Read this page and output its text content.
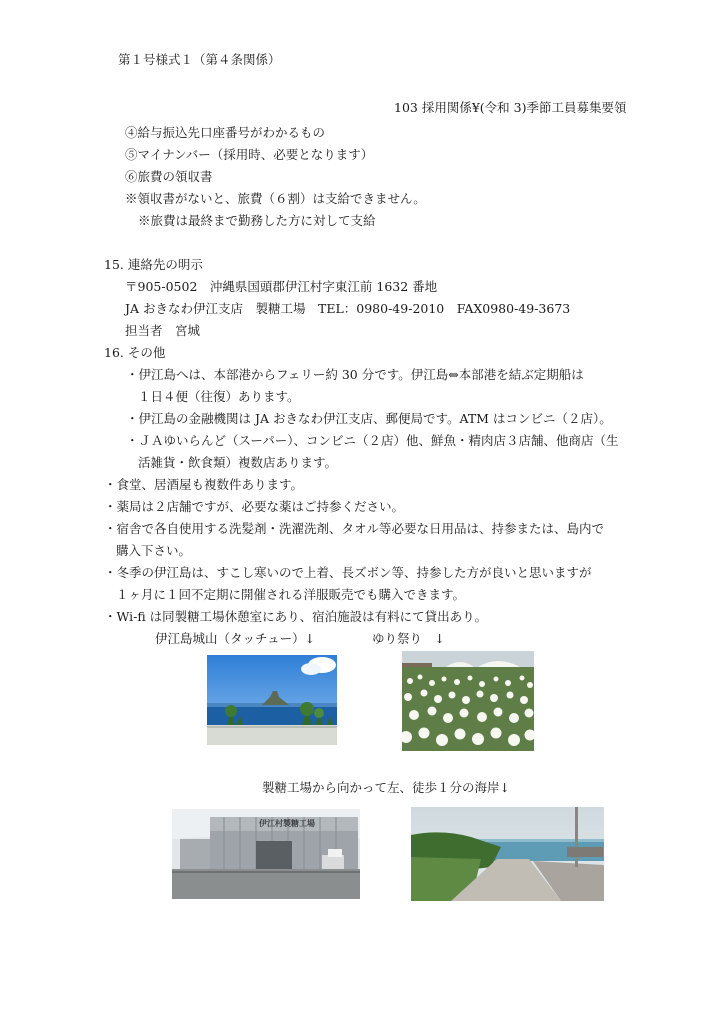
第１号様式１（第４条関係）
103 採用関係¥(令和 3)季節工員募集要領
④給与振込先口座番号がわかるもの
⑤マイナンバー（採用時、必要となります）
⑥旅費の領収書
※領収書がないと、旅費（６割）は支給できません。
※旅費は最終まで勤務した方に対して支給
15. 連絡先の明示
〒905-0502　沖縄県国頭郡伊江村字東江前 1632 番地
JA おきなわ伊江支店　製糖工場　TEL：0980-49-2010　FAX0980-49-3673
担当者　宮城
16. その他
・伊江島へは、本部港からフェリー約 30 分です。伊江島⇔本部港を結ぶ定期船は
１日４便（往復）あります。
・伊江島の金融機関は JA おきなわ伊江支店、郵便局です。ATM はコンビニ（２店）。
・ＪＡゆいらんど（スーパー）、コンビニ（２店）他、鮮魚・精肉店３店舗、他商店（生
活雑貨・飲食類）複数店あります。
・食堂、居酒屋も複数件あります。
・薬局は２店舗ですが、必要な薬はご持参ください。
・宿舎で各自使用する洗髪剤・洗濯洗剤、タオル等必要な日用品は、持参または、島内で
購入下さい。
・冬季の伊江島は、すこし寒いので上着、長ズボン等、持参した方が良いと思いますが
１ヶ月に１回不定期に開催される洋服販売でも購入できます。
・Wi-fi は同製糖工場休憩室にあり、宿泊施設は有料にて貸出あり。
伊江島城山（タッチュー）↓	ゆり祭り　↓
製糖工場から向かって左、徒歩１分の海岸↓
伊江村製糖工場
